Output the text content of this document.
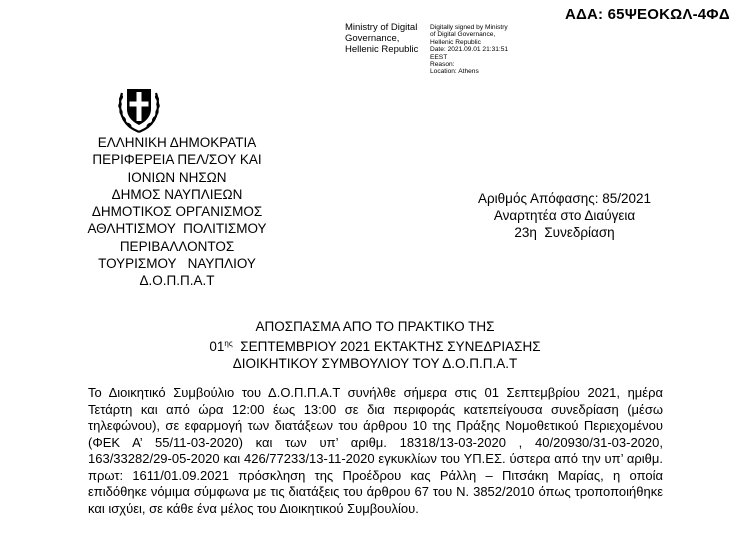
ΑΔΑ: 65ΨΕΟΚΩΛ-4ΦΔ
Ministry of Digital
Governance,
Hellenic Republic
Digitally signed by Ministry
of Digital Governance,
Hellenic Republic
Date: 2021.09.01 21:31:51
EEST
Reason:
Location: Athens
ΕΛΛΗΝΙΚΗ ΔΗΜΟΚΡΑΤΙΑ
ΠΕΡΙΦΕΡΕΙΑ ΠΕΛ/ΣΟΥ ΚΑΙ
ΙΟΝΙΩΝ ΝΗΣΩΝ
ΔΗΜΟΣ ΝΑΥΠΛΙΕΩΝ
ΔΗΜΟΤΙΚΟΣ ΟΡΓΑΝΙΣΜΟΣ
ΑΘΛΗΤΙΣΜΟΥ  ΠΟΛΙΤΙΣΜΟΥ
ΠΕΡΙΒΑΛΛΟΝΤΟΣ
ΤΟΥΡΙΣΜΟΥ   ΝΑΥΠΛΙΟΥ
Δ.Ο.Π.Π.Α.Τ
Αριθμός Απόφασης: 85/2021
Αναρτητέα στο Διαύγεια
23η  Συνεδρίαση
ΑΠΟΣΠΑΣΜΑ ΑΠΟ ΤΟ ΠΡΑΚΤΙΚΟ ΤΗΣ
$01^{\eta\varsigma}$  ΣΕΠΤΕΜΒΡΙΟΥ 2021 ΕΚΤΑΚΤΗΣ ΣΥΝΕΔΡΙΑΣΗΣ
ΔΙΟΙΚΗΤΙΚΟΥ ΣΥΜΒΟΥΛΙΟΥ ΤΟΥ Δ.Ο.Π.Π.Α.Τ
Το Διοικητικό Συμβούλιο του Δ.Ο.Π.Π.Α.Τ συνήλθε σήμερα στις 01 Σεπτεμβρίου 2021, ημέρα Τετάρτη και από ώρα 12:00 έως 13:00 σε δια περιφοράς κατεπείγουσα συνεδρίαση (μέσω τηλεφώνου), σε εφαρμογή των διατάξεων του άρθρου 10 της Πράξης Νομοθετικού Περιεχομένου (ΦΕΚ Α’ 55/11-03-2020) και των υπ’ αριθμ. 18318/13-03-2020 , 40/20930/31-03-2020, 163/33282/29-05-2020 και 426/77233/13-11-2020 εγκυκλίων του ΥΠ.ΕΣ. ύστερα από την υπ’ αριθμ. πρωτ: 1611/01.09.2021 πρόσκληση της Προέδρου κας Ράλλη – Πιτσάκη Μαρίας, η οποία επιδόθηκε νόμιμα σύμφωνα με τις διατάξεις του άρθρου 67 του Ν. 3852/2010 όπως τροποποιήθηκε και ισχύει, σε κάθε ένα μέλος του Διοικητικού Συμβουλίου.
